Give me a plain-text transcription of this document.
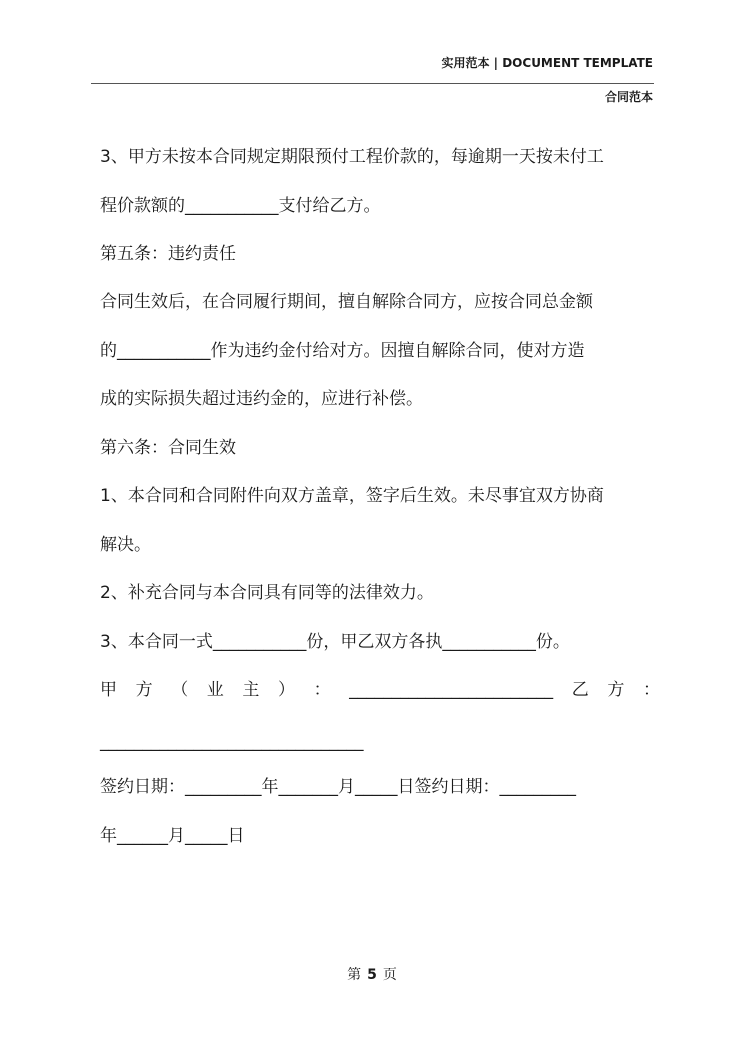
实用范本 | DOCUMENT TEMPLATE
合同范本
3、甲方未按本合同规定期限预付工程价款的，每逾期一天按未付工
程价款额的___________支付给乙方。
第五条：违约责任
合同生效后，在合同履行期间，擅自解除合同方，应按合同总金额
的___________作为违约金付给对方。因擅自解除合同，使对方造
成的实际损失超过违约金的，应进行补偿。
第六条：合同生效
1、本合同和合同附件向双方盖章，签字后生效。未尽事宜双方协商
解决。
2、补充合同与本合同具有同等的法律效力。
3、本合同一式___________份，甲乙双方各执___________份。
甲 方 （ 业 主 ） ： ________________________ 乙 方 ：
_______________________________
签约日期：_________年_______月_____日签约日期：_________
年______月_____日
第 5 页
